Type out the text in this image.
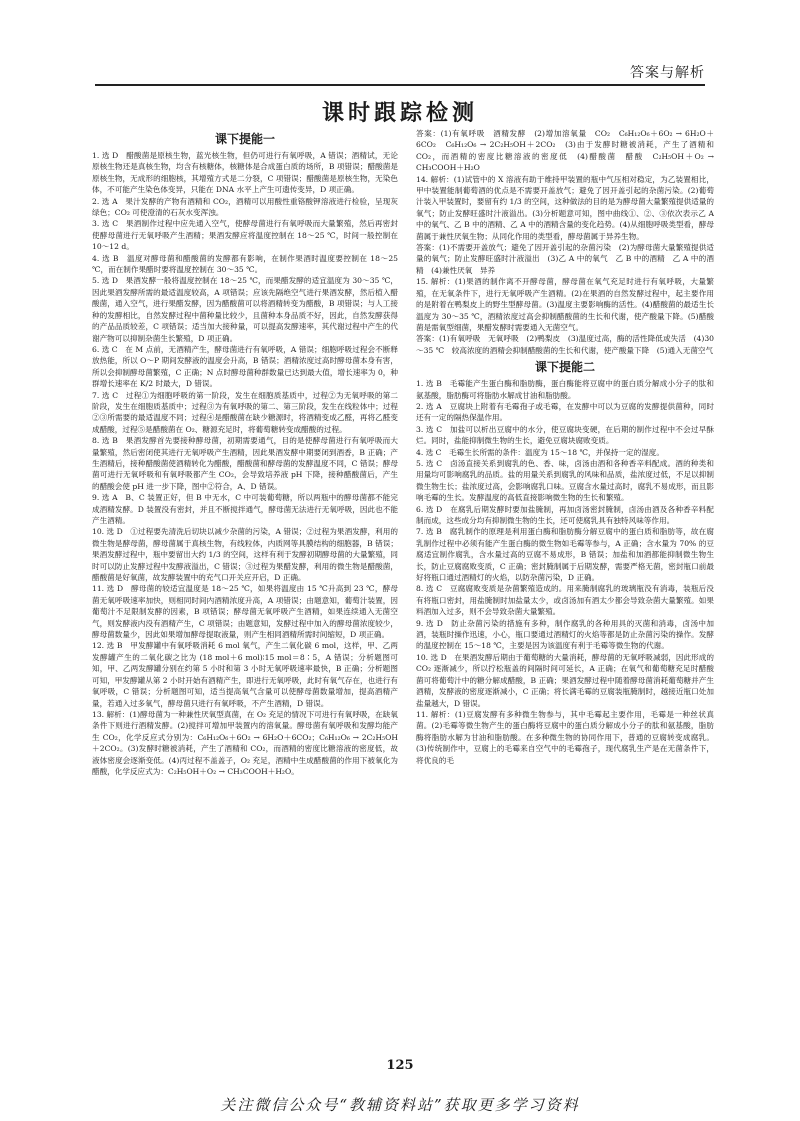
答案与解析
课时跟踪检测
课下提能一

1. 选 D　醋酸菌是原核生物，蓝光核生物，但仍可进行有氧呼吸，A 错误；酒精试，无论原核生物还是真核生物，均含有核糖体，核糖体是合成蛋白质的场所，B 项错误；醋酸菌是原核生物，无成形的细胞核，其增殖方式是二分裂，C 项错误；醋酸菌是原核生物，无染色体，不可能产生染色体变异，只能在 DNA 水平上产生可遗传变异，D 项正确。

2. 选 A　果汁发酵的产物有酒精和 CO₂，酒精可以用酸性重铬酸钾溶液进行检验，呈现灰绿色；CO₂ 可使澄清的石灰水变浑浊。

3. 选 C　果酒制作过程中应先通入空气，使酵母菌进行有氧呼吸而大量繁殖，然后再密封使酵母菌进行无氧呼吸产生酒精；果酒发酵应将温度控制在 18～25 ℃，时间一般控制在 10～12 d。

4. 选 B　温度对酵母菌和醋酸菌的发酵都有影响，在制作果酒时温度要控制在 18～25 ℃，而在制作果醋时要将温度控制在 30～35 ℃。

5. 选 D　果酒发酵一般将温度控制在 18～25 ℃，而果醋发酵的适宜温度为 30～35 ℃，因此果酒发酵所需的最适温度较高，A 项错误；应该先隔绝空气进行果酒发酵，然后植入醋酸菌，通入空气，进行果醋发酵，因为醋酸菌可以将酒精转变为醋酸，B 项错误；与人工接种的发酵相比，自然发酵过程中菌种量比较少，且菌种本身品质不好，因此，自然发酵获得的产品品质较差，C 项错误；适当加大接种量，可以提高发酵速率，其代谢过程中产生的代谢产物可以抑制杂菌生长繁殖，D 项正确。

6. 选 C　在 M 点前，无酒精产生，酵母菌进行有氧呼吸，A 错误；细胞呼吸过程会不断释放热能，所以 O～P 期间发酵液的温度会升高，B 错误；酒精浓度过高时酵母菌本身有害，所以会抑制酵母菌繁殖，C 正确；N 点时酵母菌种群数量已达到最大值，增长速率为 0，种群增长速率在 K/2 时最大，D 错误。

7. 选 C　过程①为细胞呼吸的第一阶段，发生在细胞质基质中，过程②为无氧呼吸的第二阶段，发生在细胞质基质中；过程③为有氧呼吸的第二、第三阶段，发生在线粒体中；过程②③所需要的最适温度不同；过程④是醋酸菌在缺少糖源时，将酒精变成乙醛，再将乙醛变成醋酸，过程⑤是醋酸菌在 O₂、糖源充足时，将葡萄糖转变成醋酸的过程。

8. 选 B　果酒发酵首先要接种酵母菌，初期需要通气，目的是使酵母菌进行有氧呼吸而大量繁殖，然后密闭使其进行无氧呼吸产生酒精，因此果酒发酵中期要闭到酒香，B 正确；产生酒精后，接种醋酸菌使酒精转化为醋酸，醋酸菌和酵母菌的发酵温度不同，C 错误；酵母菌可进行无氧呼吸和有氧呼吸都产生 CO₂，会导致培养液 pH 下降，接种醋酸菌后，产生的醋酸会使 pH 进一步下降，图中②符合，A、D 错误。

9. 选 A　B、C 装置正好，但 B 中无水，C 中可装葡萄糖，所以两瓶中的酵母菌都不能完成酒精发酵。D 装置没有密封，并且不断搅拌通气，酵母菌无法进行无氧呼吸，因此也不能产生酒精。

10. 选 D　①过程要先清洗后切块以减少杂菌的污染，A 错误；②过程为果酒发酵，利用的微生物是酵母菌，酵母菌属于真核生物，有线粒体，内质网等具膜结构的细胞器，B 错误；果酒发酵过程中，瓶中要留出大约 1/3 的空间，这样有利于发酵初期酵母菌的大量繁殖，同时可以防止发酵过程中发酵液溢出，C 错误；③过程为果醋发酵，利用的微生物是醋酸菌，醋酸菌是好氧菌，故发酵装置中的充气口开关应开启，D 正确。

11. 选 D　酵母菌的较适宜温度是 18～25 ℃，如果将温度由 15 ℃升高到 23 ℃，酵母菌无氧呼吸速率加快，则相同时间内酒精浓度升高，A 项错误；由题意知，葡萄汁装置，因葡萄汁不足限制发酵的因素，B 项错误；酵母菌无氧呼吸产生酒精，如果连续通入无菌空气，则发酵液内没有酒精产生，C 项错误；由题意知，发酵过程中加入的酵母菌浓度较少，酵母菌数量少，因此如果增加酵母提取液量，则产生相同酒精所需时间缩短，D 项正确。

12. 选 B　甲发酵罐中有氧呼吸消耗 6 mol 氧气，产生二氧化碳 6 mol，这样，甲、乙两发酵罐产生的二氧化碳之比为 (18 mol＋6 mol)∶15 mol＝8∶5，A 错误；分析题图可知，甲、乙两发酵罐分别在约第 5 小时和第 3 小时无氧呼吸速率最快，B 正确；分析题图可知，甲发酵罐从第 2 小时开始有酒精产生，即进行无氧呼吸，此时有氧气存在，也进行有氧呼吸，C 错误；分析题图可知，适当提高氧气含量可以使酵母菌数量增加，提高酒精产量，若通入过多氧气，酵母菌只进行有氧呼吸，不产生酒精，D 错误。

13. 解析：(1)酵母菌为一种兼性厌氧型真菌，在 O₂ 充足的情况下可进行有氧呼吸，在缺氧条件下则进行酒精发酵。(2)搅拌可增加甲装置内的溶氧量。酵母菌有氧呼吸和发酵均能产生 CO₂，化学反应式分别为：C₆H₁₂O₆＋6O₂ → 6H₂O＋6CO₂；C₆H₁₂O₆ → 2C₂H₅OH＋2CO₂。(3)发酵时糖被消耗，产生了酒精和 CO₂，而酒精的密度比糖溶液的密度低，故液体密度会逐渐变低。(4)丙过程不盖盖子，O₂ 充足，酒精中生成醋酸菌的作用下被氧化为醋酸，化学反应式为：C₂H₅OH＋O₂ → CH₃COOH＋H₂O。

答案：(1)有氧呼吸　酒精发酵　(2)增加溶氧量　CO₂　C₆H₁₂O₆＋6O₂ → 6H₂O＋6CO₂　C₆H₁₂O₆ → 2C₂H₅OH＋2CO₂　(3)由于发酵时糖被消耗，产生了酒精和 CO₂，而酒精的密度比糖溶液的密度低　(4)醋酸菌　醋酸　C₂H₅OH＋O₂ → CH₃COOH＋H₂O

14. 解析：(1)试管中的 X 溶液有助于维持甲装置的瓶中气压相对稳定，为乙装置相比，甲中装置能制葡萄酒的优点是不需要开盖放气；避免了因开盖引起的杂菌污染。(2)葡萄汁装入甲装置时，要留有约 1/3 的空间，这种做法的目的是为酵母菌大量繁殖提供适量的氧气；防止发酵旺盛时汁液溢出。(3)分析题意可知，图中曲线①、②、③依次表示乙 A 中的氧气、乙 B 中的酒精、乙 A 中的酒精含量的变化趋势。(4)从细胞呼吸类型看，酵母菌属于兼性厌氧生物；从同化作用的类型看，酵母菌属于异养生物。

答案：(1)不需要开盖放气；避免了因开盖引起的杂菌污染　(2)为酵母菌大量繁殖提供适量的氧气；防止发酵旺盛时汁液溢出　(3)乙 A 中的氧气　乙 B 中的酒精　乙 A 中的酒精　(4)兼性厌氧　异养

15. 解析：(1)果酒的制作离不开酵母菌，酵母菌在氧气充足时进行有氧呼吸，大量繁殖，在无氧条件下，进行无氧呼吸产生酒精。(2)在果酒的自然发酵过程中，起主要作用的是附着在鸭梨皮上的野生型酵母菌。(3)温度主要影响酶的活性。(4)醋酸菌的最适生长温度为 30～35 ℃，酒精浓度过高会抑制醋酸菌的生长和代谢，使产酸量下降。(5)醋酸菌是需氧型细菌，果醋发酵时需要通入无菌空气。

答案：(1)有氧呼吸　无氧呼吸　(2)鸭梨皮　(3)温度过高，酶的活性降低或失活　(4)30～35 ℃　较高浓度的酒精会抑制醋酸菌的生长和代谢，使产酸量下降　(5)通入无菌空气

课下提能二

1. 选 B　毛霉能产生蛋白酶和脂肪酶，蛋白酶能将豆腐中的蛋白质分解成小分子的肽和氨基酸，脂肪酶可将脂肪水解成甘油和脂肪酸。

2. 选 A　豆腐块上附着有毛霉孢子或毛霉，在发酵中可以为豆腐的发酵提供菌种，同时还有一定的隔热保温作用。

3. 选 C　加盐可以析出豆腐中的水分，使豆腐块变硬，在后期的制作过程中不会过早酥烂。同时，盐能抑制微生物的生长，避免豆腐块腐败变质。

4. 选 C　毛霉生长所需的条件：温度为 15～18 ℃，并保持一定的湿度。

5. 选 C　卤汤直接关系到腐乳的色、香、味，卤汤由酒和各种香辛料配成。酒的种类和用量均可影响腐乳的品质。盐的用量关系到腐乳的风味和品质，盐浓度过低，不足以抑制微生物生长；盐浓度过高，会影响腐乳口味。豆腐含水量过高时，腐乳不易成形，而且影响毛霉的生长。发酵温度的高低直接影响微生物的生长和繁殖。

6. 选 D　在腐乳后期发酵时要加盐腌制，再加卤汤密封腌制，卤汤由酒及各种香辛料配制而成，这些成分均有抑制微生物的生长，还可使腐乳具有独特风味等作用。

7. 选 B　腐乳制作的原理是利用蛋白酶和脂肪酶分解豆腐中的蛋白质和脂肪等，故在腐乳制作过程中必须有能产生蛋白酶的微生物如毛霉等参与，A 正确；含水量为 70% 的豆腐适宜制作腐乳，含水量过高的豆腐不易成形，B 错误；加盐和加酒都能抑制微生物生长，防止豆腐腐败变质，C 正确；密封腌制属于后期发酵，需要严格无菌，密封瓶口前最好将瓶口通过酒精灯的火焰，以防杂菌污染，D 正确。

8. 选 C　豆腐腐败变质是杂菌繁殖造成的。用来腌制腐乳的玻璃瓶没有消毒，装瓶后没有将瓶口密封，用盐腌制时加盐量太少，或卤汤加有酒太少都会导致杂菌大量繁殖。如果料酒加入过多，则不会导致杂菌大量繁殖。

9. 选 D　防止杂菌污染的措施有多种，制作腐乳的各种用具的灭菌和消毒，卤汤中加酒，装瓶时操作迅速，小心，瓶口要通过酒精灯的火焰等都是防止杂菌污染的操作。发酵的温度控制在 15～18 ℃，主要是因为该温度有利于毛霉等微生物的代谢。

10. 选 D　在果酒发酵后期由于葡萄糖的大量消耗，酵母菌的无氧呼吸减弱，因此形成的 CO₂ 逐渐减少，所以拧松瓶盖的间隔时间可延长，A 正确；在氧气和葡萄糖充足时醋酸菌可将葡萄汁中的糖分解成醋酸，B 正确；果酒发酵过程中随着酵母菌消耗葡萄糖并产生酒精，发酵液的密度逐渐减小，C 正确；将长满毛霉的豆腐装瓶腌制时，越接近瓶口处加盐量越大，D 错误。

11. 解析：(1)豆腐发酵有多种微生物参与，其中毛霉起主要作用，毛霉是一种丝状真菌。(2)毛霉等微生物产生的蛋白酶将豆腐中的蛋白质分解成小分子的肽和氨基酸，脂肪酶将脂肪水解为甘油和脂肪酸。在多种微生物的协同作用下，普通的豆腐转变成腐乳。(3)传统制作中，豆腐上的毛霉来自空气中的毛霉孢子，现代腐乳生产是在无菌条件下，将优良的毛

125
关注微信公众号“教辅资料站”获取更多学习资料
